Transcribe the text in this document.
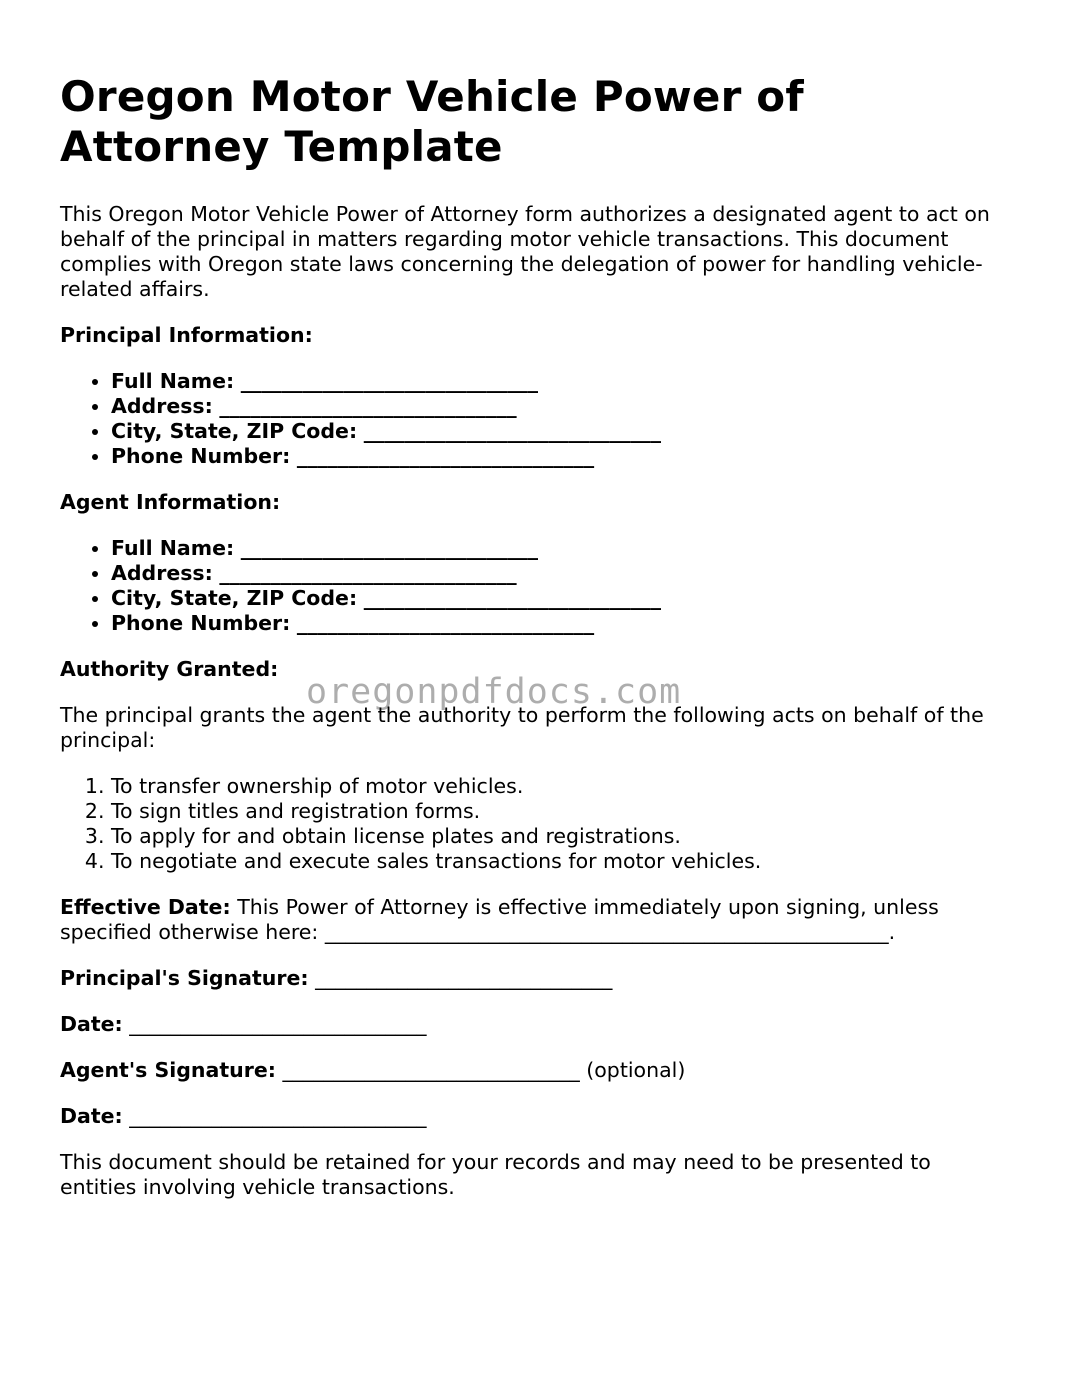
Oregon Motor Vehicle Power of Attorney Template

This Oregon Motor Vehicle Power of Attorney form authorizes a designated agent to act on behalf of the principal in matters regarding motor vehicle transactions. This document complies with Oregon state laws concerning the delegation of power for handling vehicle-related affairs.

Principal Information:
• Full Name: _____________________________
• Address: _____________________________
• City, State, ZIP Code: _____________________________
• Phone Number: _____________________________
Agent Information:
• Full Name: _____________________________
• Address: _____________________________
• City, State, ZIP Code: _____________________________
• Phone Number: _____________________________
Authority Granted:

The principal grants the agent the authority to perform the following acts on behalf of the principal:

1. To transfer ownership of motor vehicles.
2. To sign titles and registration forms.
3. To apply for and obtain license plates and registrations.
4. To negotiate and execute sales transactions for motor vehicles.

Effective Date: This Power of Attorney is effective immediately upon signing, unless specified otherwise here: _______________________________________________________.

Principal's Signature: _____________________________

Date: _____________________________

Agent's Signature: _____________________________ (optional)

Date: _____________________________

This document should be retained for your records and may need to be presented to entities involving vehicle transactions.

oregonpdfdocs.com
